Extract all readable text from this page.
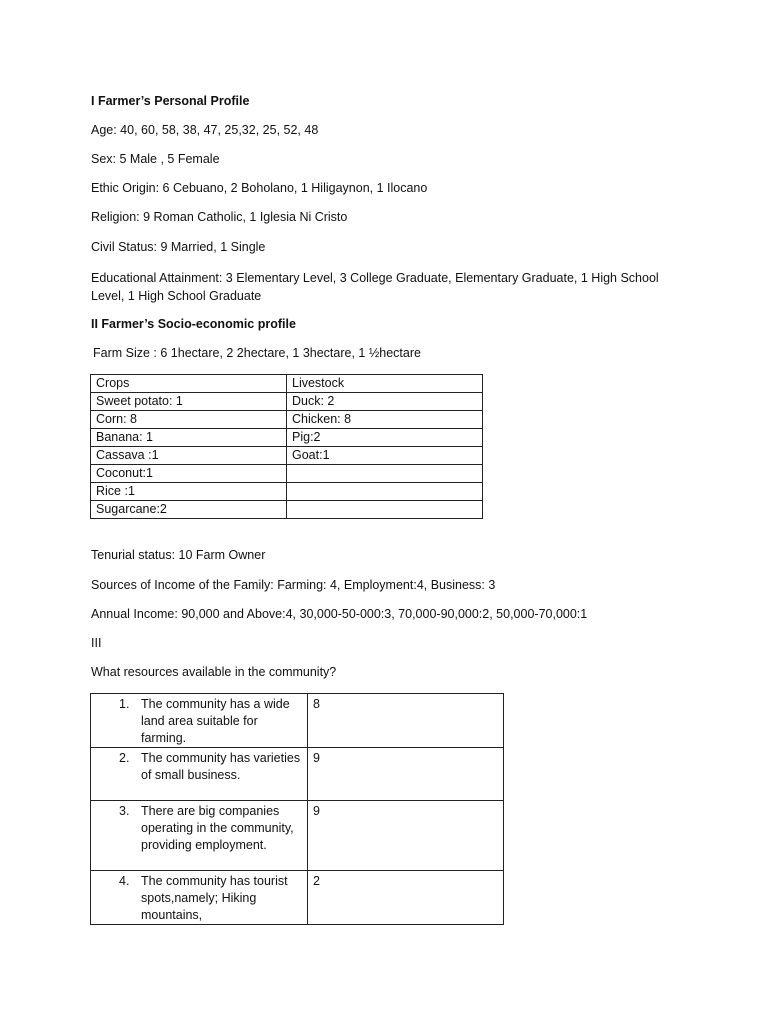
I Farmer’s Personal Profile

Age: 40, 60, 58, 38, 47, 25,32, 25, 52, 48

Sex: 5 Male , 5 Female

Ethic Origin: 6 Cebuano, 2 Boholano, 1 Hiligaynon, 1 Ilocano

Religion: 9 Roman Catholic, 1 Iglesia Ni Cristo

Civil Status: 9 Married, 1 Single

Educational Attainment: 3 Elementary Level, 3 College Graduate, Elementary Graduate, 1 High School Level, 1 High School Graduate

II Farmer’s Socio-economic profile

Farm Size : 6 1hectare, 2 2hectare, 1 3hectare, 1 ½hectare

Crops	Livestock
Sweet potato: 1	Duck: 2
Corn: 8	Chicken: 8
Banana: 1	Pig:2
Cassava :1	Goat:1
Coconut:1	
Rice :1	
Sugarcane:2	

Tenurial status: 10 Farm Owner

Sources of Income of the Family: Farming: 4, Employment:4, Business: 3

Annual Income: 90,000 and Above:4, 30,000-50-000:3, 70,000-90,000:2, 50,000-70,000:1

III

What resources available in the community?

1. The community has a wide land area suitable for farming.	8

2. The community has varieties of small business.	9

3. There are big companies operating in the community, providing employment.	9

4. The community has tourist spots,namely; Hiking mountains,	2
